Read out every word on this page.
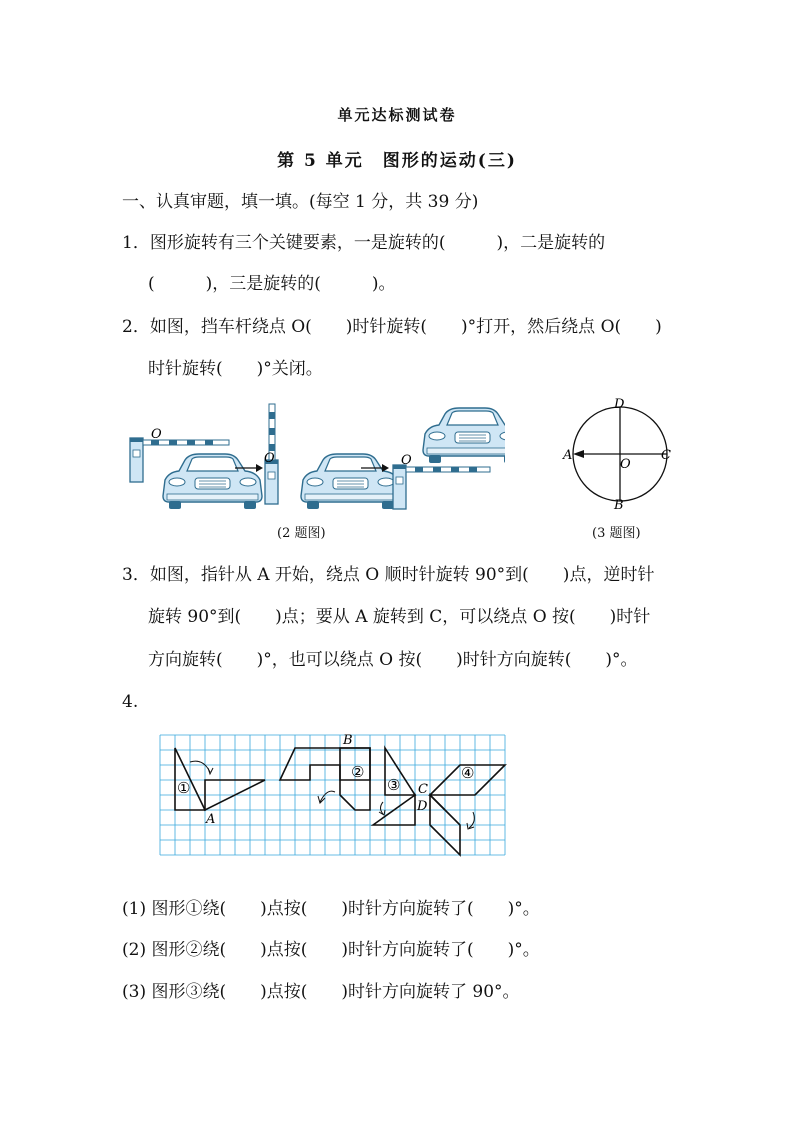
单元达标测试卷
第 5 单元　图形的运动(三)
一、认真审题，填一填。(每空 1 分，共 39 分)
1．图形旋转有三个关键要素，一是旋转的(　　　)，二是旋转的
(　　　)，三是旋转的(　　　)。
2．如图，挡车杆绕点 O(　　)时针旋转(　　)°打开，然后绕点 O(　　)
时针旋转(　　)°关闭。
O
O	O
(2 题图)
D
B
A	C
O
(3 题图)
3．如图，指针从 A 开始，绕点 O 顺时针旋转 90°到(　　)点，逆时针
旋转 90°到(　　)点；要从 A 旋转到 C，可以绕点 O 按(　　)时针
方向旋转(　　)°，也可以绕点 O 按(　　)时针方向旋转(　　)°。
4.
①
A
B
②
③ C
④
D
(1) 图形①绕(　　)点按(　　)时针方向旋转了(　　)°。
(2) 图形②绕(　　)点按(　　)时针方向旋转了(　　)°。
(3) 图形③绕(　　)点按(　　)时针方向旋转了 90°。
